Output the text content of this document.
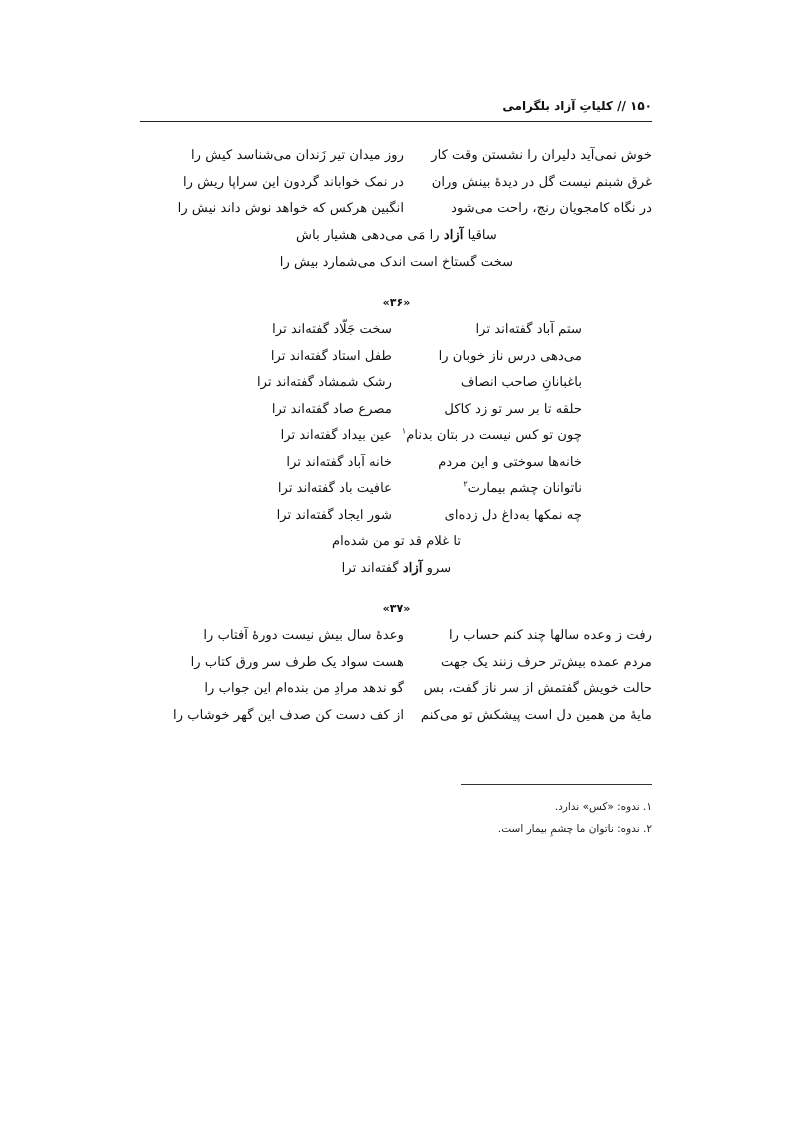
۱۵۰ // کلیاتِ آزاد بلگرامی
خوش نمی‌آید دلیران را نشستن وقت کار
روز میدان تیر زَندان می‌شناسد کیش را
غرق شبنم نیست گل در دیدهٔ بینش وران
در نمک خواباند گردون این سراپا ریش را
در نگاه کامجویان رنج، راحت می‌شود
انگبین هرکس که خواهد نوش داند نیش را
ساقیا آزاد را مَی می‌دهی هشیار باش
سخت گستاخ است اندک می‌شمارد بیش را
«۳۶»
ستم آباد گفته‌اند ترا
سخت جَلّاد گفته‌اند ترا
می‌دهی درس ناز خوبان را
طفل استاد گفته‌اند ترا
باغبانانِ صاحب انصاف
رشک شمشاد گفته‌اند ترا
حلقه تا بر سر تو زد کاکل
مصرع صاد گفته‌اند ترا
چون تو کس نیست در بتان بدنام$^۱$
عین بیداد گفته‌اند ترا
خانه‌ها سوختی و این مردم
خانه آباد گفته‌اند ترا
ناتوانان چشم بیمارت$^۲$
عافیت باد گفته‌اند ترا
چه نمکها به‌داغ دل زده‌ای
شور ایجاد گفته‌اند ترا
تا غلام قد تو من شده‌ام
سرو آزاد گفته‌اند ترا
«۳۷»
رفت ز وعده سالها چند کنم حساب را
وعدهٔ سال بیش نیست دورهٔ آفتاب را
مردم عمده بیش‌تر حرف زنند یک جهت
هست سواد یک طرف سر ورق کتاب را
حالت خویش گفتمش از سر ناز گفت، بس
گو ندهد مرادِ من بنده‌ام این جواب را
مایهٔ من همین دل است پیشکش تو می‌کنم
از کف دست کن صدف این گهر خوشاب را
۱. ندوه: «کس» ندارد.
۲. ندوه: ناتوان ما چشمِ بیمار است.
